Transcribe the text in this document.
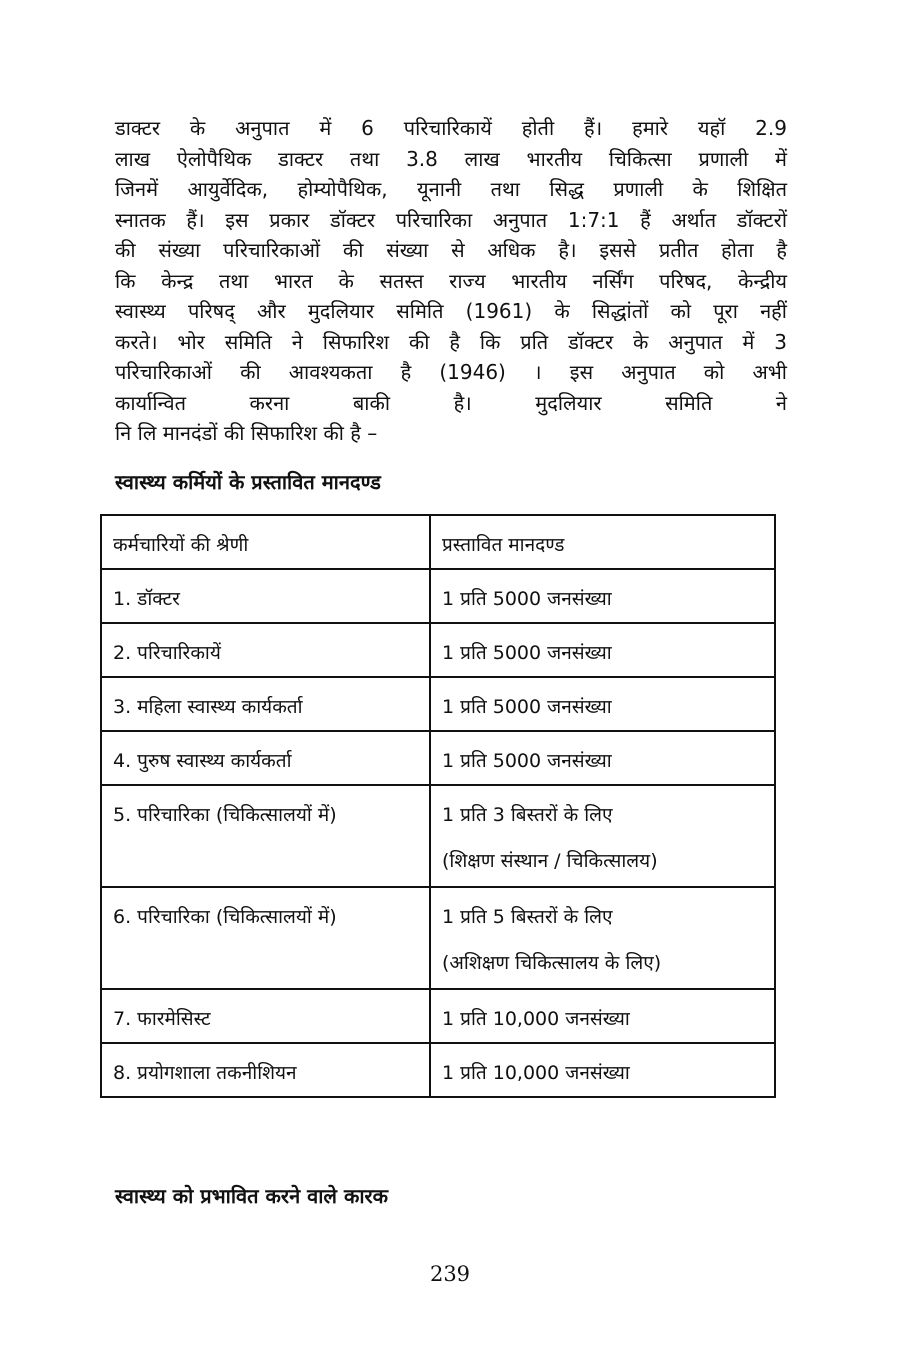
डाक्टर के अनुपात में 6 परिचारिकायें होती हैं। हमारे यहॉ 2.9
लाख ऐलोपैथिक डाक्टर तथा 3.8 लाख भारतीय चिकित्सा प्रणाली में
जिनमें आयुर्वेदिक, होम्योपैथिक, यूनानी तथा सिद्ध प्रणाली के शिक्षित
स्नातक हैं। इस प्रकार डॉक्टर परिचारिका अनुपात 1:7:1 हैं अर्थात डॉक्टरों
की संख्या परिचारिकाओं की संख्या से अधिक है। इससे प्रतीत होता है
कि केन्द्र तथा भारत के सतस्त राज्य भारतीय नर्सिंग परिषद, केन्द्रीय
स्वास्थ्य परिषद् और मुदलियार समिति (1961) के सिद्धांतों को पूरा नहीं
करते। भोर समिति ने सिफारिश की है कि प्रति डॉक्टर के अनुपात में 3
परिचारिकाओं की आवश्यकता है (1946) । इस अनुपात को अभी
कार्यान्वित करना बाकी है। मुदलियार समिति ने
नि लि मानदंडों की सिफारिश की है –
स्वास्थ्य कर्मियों के प्रस्तावित मानदण्ड
कर्मचारियों की श्रेणी	प्रस्तावित मानदण्ड

1. डॉक्टर	1 प्रति 5000 जनसंख्या

2. परिचारिकायें	1 प्रति 5000 जनसंख्या

3. महिला स्वास्थ्य कार्यकर्ता	1 प्रति 5000 जनसंख्या

4. पुरुष स्वास्थ्य कार्यकर्ता	1 प्रति 5000 जनसंख्या

5. परिचारिका (चिकित्सालयों में)	1 प्रति 3 बिस्तरों के लिए
(शिक्षण संस्थान / चिकित्सालय)

6. परिचारिका (चिकित्सालयों में)	1 प्रति 5 बिस्तरों के लिए
(अशिक्षण चिकित्सालय के लिए)

7. फारमेसिस्ट	1 प्रति 10,000 जनसंख्या

8. प्रयोगशाला तकनीशियन	1 प्रति 10,000 जनसंख्या
स्वास्थ्य को प्रभावित करने वाले कारक
239
